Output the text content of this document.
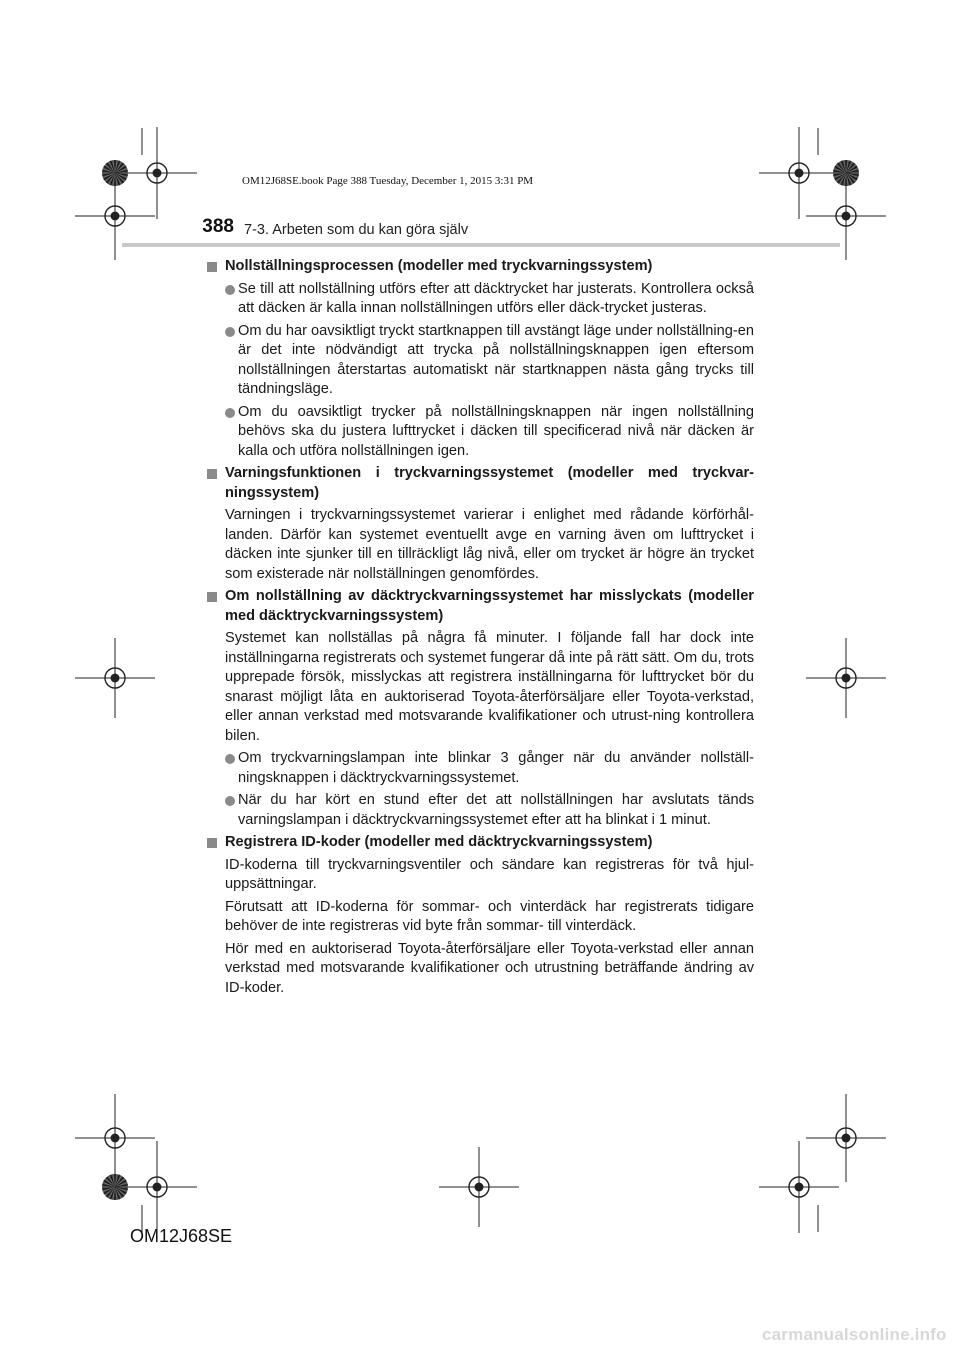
OM12J68SE.book Page 388 Tuesday, December 1, 2015 3:31 PM
388 7-3. Arbeten som du kan göra själv
Nollställningsprocessen (modeller med tryckvarningssystem)
Se till att nollställning utförs efter att däcktrycket har justerats. Kontrollera också att däcken är kalla innan nollställningen utförs eller däck-trycket justeras.
Om du har oavsiktligt tryckt startknappen till avstängt läge under nollställning-en är det inte nödvändigt att trycka på nollställningsknappen igen eftersom nollställningen återstartas automatiskt när startknappen nästa gång trycks till tändningsläge.
Om du oavsiktligt trycker på nollställningsknappen när ingen nollställning behövs ska du justera lufttrycket i däcken till specificerad nivå när däcken är kalla och utföra nollställningen igen.
Varningsfunktionen i tryckvarningssystemet (modeller med tryckvar-ningssystem)
Varningen i tryckvarningssystemet varierar i enlighet med rådande körförhål-landen. Därför kan systemet eventuellt avge en varning även om lufttrycket i däcken inte sjunker till en tillräckligt låg nivå, eller om trycket är högre än trycket som existerade när nollställningen genomfördes.
Om nollställning av däcktryckvarningssystemet har misslyckats (modeller med däcktryckvarningssystem)
Systemet kan nollställas på några få minuter. I följande fall har dock inte inställningarna registrerats och systemet fungerar då inte på rätt sätt. Om du, trots upprepade försök, misslyckas att registrera inställningarna för lufttrycket bör du snarast möjligt låta en auktoriserad Toyota-återförsäljare eller Toyota-verkstad, eller annan verkstad med motsvarande kvalifikationer och utrust-ning kontrollera bilen.
Om tryckvarningslampan inte blinkar 3 gånger när du använder nollställ-ningsknappen i däcktryckvarningssystemet.
När du har kört en stund efter det att nollställningen har avslutats tänds varningslampan i däcktryckvarningssystemet efter att ha blinkat i 1 minut.
Registrera ID-koder (modeller med däcktryckvarningssystem)
ID-koderna till tryckvarningsventiler och sändare kan registreras för två hjul-uppsättningar.
Förutsatt att ID-koderna för sommar- och vinterdäck har registrerats tidigare behöver de inte registreras vid byte från sommar- till vinterdäck.
Hör med en auktoriserad Toyota-återförsäljare eller Toyota-verkstad eller annan verkstad med motsvarande kvalifikationer och utrustning beträffande ändring av ID-koder.
OM12J68SE
carmanualsonline.info
